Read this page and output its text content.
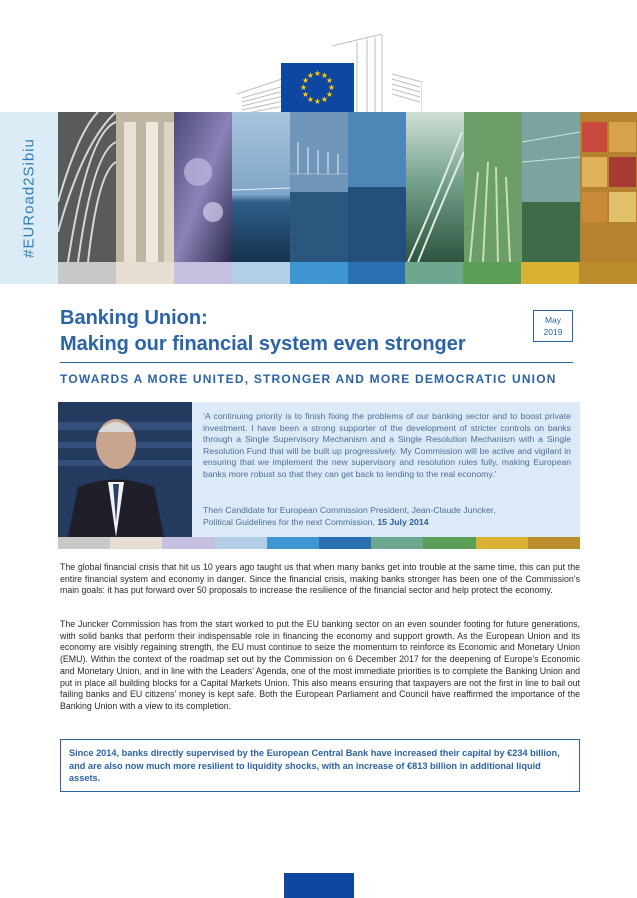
★ ★
★
★
★
★
★
★
★
★
★
★
#EURoad2Sibiu
Banking Union:
Making our financial system even stronger
May
2019
TOWARDS A MORE UNITED, STRONGER AND MORE DEMOCRATIC UNION
‘A continuing priority is to finish fixing the problems of our banking sector and to boost private investment. I have been a strong supporter of the development of stricter controls on banks through a Single Supervisory Mechanism and a Single Resolution Mechanism with a Single Resolution Fund that will be built up progressively. My Commission will be active and vigilant in ensuring that we implement the new supervisory and resolution rules fully, making European banks more robust so that they can get back to lending to the real economy.’
Then Candidate for European Commission President, Jean-Claude Juncker,
Political Guidelines for the next Commission, 15 July 2014
The global financial crisis that hit us 10 years ago taught us that when many banks get into trouble at the same time, this can put the entire financial system and economy in danger. Since the financial crisis, making banks stronger has been one of the Commission’s main goals: it has put forward over 50 proposals to increase the resilience of the financial sector and help protect the economy.
The Juncker Commission has from the start worked to put the EU banking sector on an even sounder footing for future generations, with solid banks that perform their indispensable role in financing the economy and support growth. As the European Union and its economy are visibly regaining strength, the EU must continue to seize the momentum to reinforce its Economic and Monetary Union (EMU). Within the context of the roadmap set out by the Commission on 6 December 2017 for the deepening of Europe’s Economic and Monetary Union, and in line with the Leaders’ Agenda, one of the most immediate priorities is to complete the Banking Union and put in place all building blocks for a Capital Markets Union. This also means ensuring that taxpayers are not the first in line to bail out failing banks and EU citizens’ money is kept safe. Both the European Parliament and Council have reaffirmed the importance of the Banking Union with a view to its completion.
Since 2014, banks directly supervised by the European Central Bank have increased their capital by €234 billion, and are also now much more resilient to liquidity shocks, with an increase of €813 billion in additional liquid assets.
